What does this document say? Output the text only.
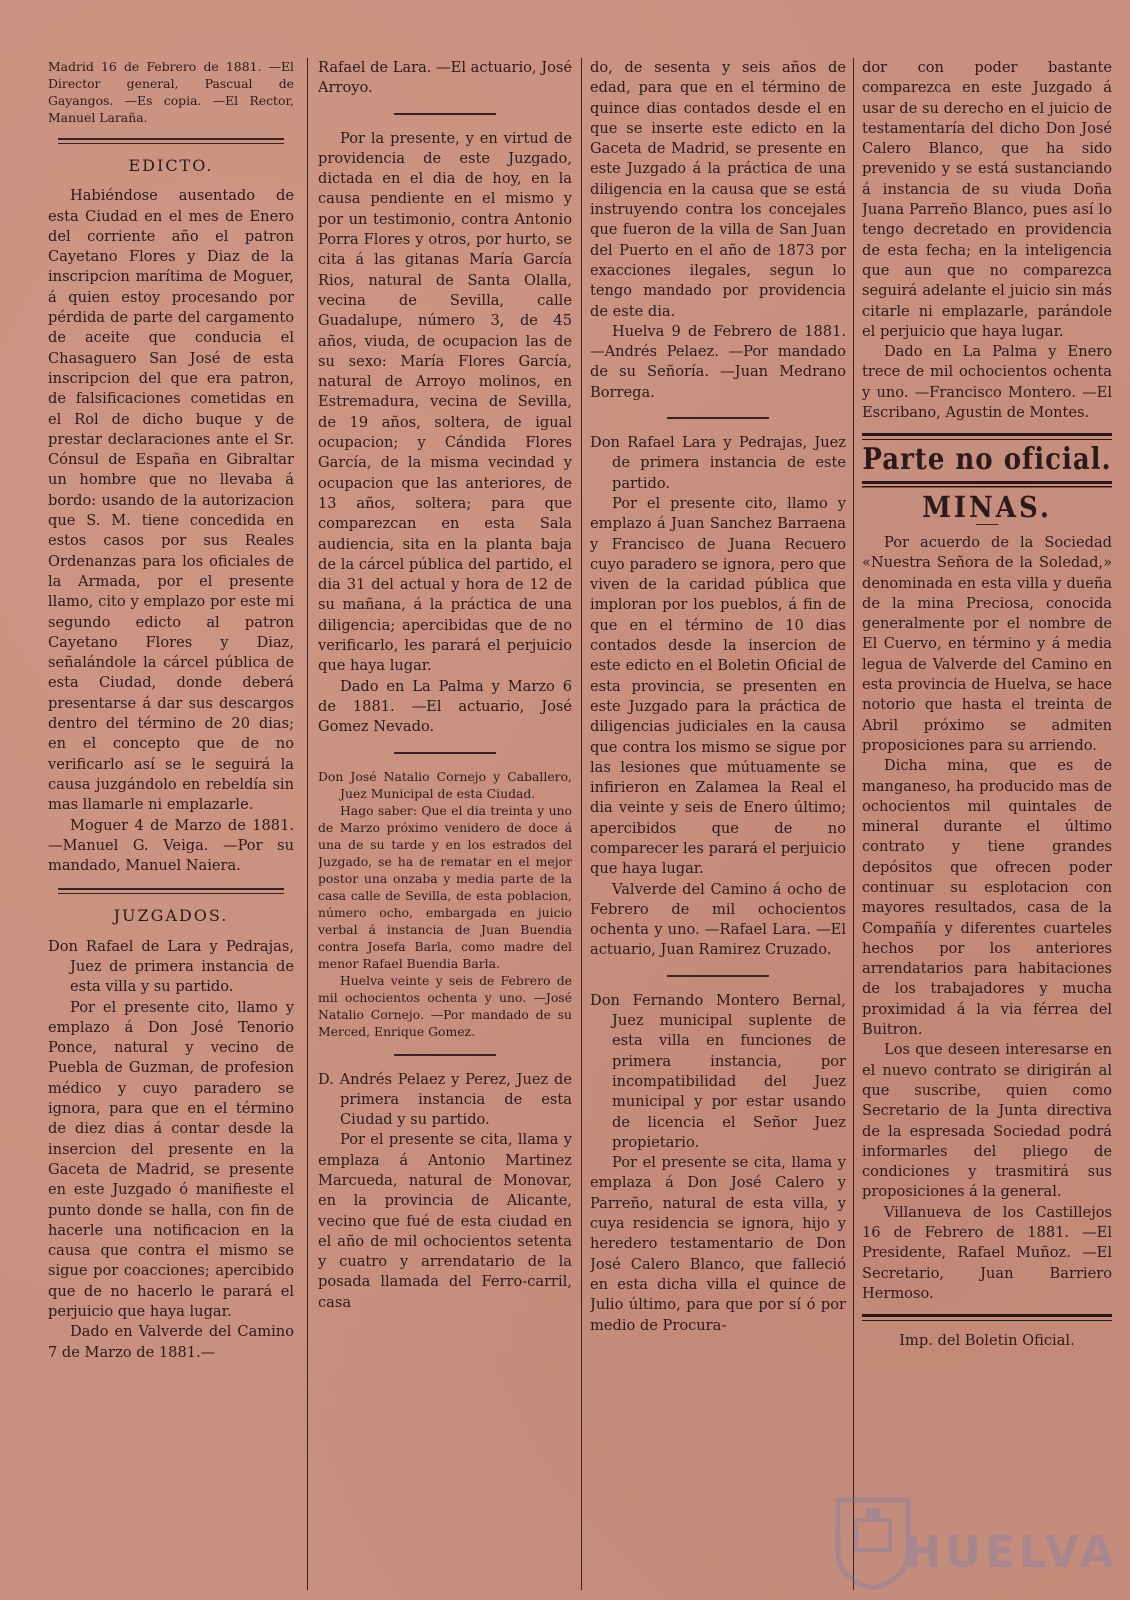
Madrid 16 de Febrero de 1881. —El Director general, Pascual de Gayangos. —Es copia. —El Rector, Manuel Laraña.

EDICTO.

Habiéndose ausentado de esta Ciudad en el mes de Enero del corriente año el patron Cayetano Flores y Diaz de la inscripcion marítima de Moguer, á quien estoy procesando por pérdida de parte del cargamento de aceite que conducia el Chasaguero San José de esta inscripcion del que era patron, de falsificaciones cometidas en el Rol de dicho buque y de prestar declaraciones ante el Sr. Cónsul de España en Gibraltar un hombre que no llevaba á bordo: usando de la autorizacion que S. M. tiene concedida en estos casos por sus Reales Ordenanzas para los oficiales de la Armada, por el presente llamo, cito y emplazo por este mi segundo edicto al patron Cayetano Flores y Diaz, señalándole la cárcel pública de esta Ciudad, donde deberá presentarse á dar sus descargos dentro del término de 20 dias; en el concepto que de no verificarlo así se le seguirá la causa juzgándolo en rebeldía sin mas llamarle ni emplazarle.

Moguer 4 de Marzo de 1881. —Manuel G. Veiga. —Por su mandado, Manuel Naiera.

JUZGADOS.

Don Rafael de Lara y Pedrajas, Juez de primera instancia de esta villa y su partido.

Por el presente cito, llamo y emplazo á Don José Tenorio Ponce, natural y vecino de Puebla de Guzman, de profesion médico y cuyo paradero se ignora, para que en el término de diez dias á contar desde la insercion del presente en la Gaceta de Madrid, se presente en este Juzgado ó manifieste el punto donde se halla, con fin de hacerle una notificacion en la causa que contra el mismo se sigue por coacciones; apercibido que de no hacerlo le parará el perjuicio que haya lugar.

Dado en Valverde del Camino 7 de Marzo de 1881.—

Rafael de Lara. —El actuario, José Arroyo.

Por la presente, y en virtud de providencia de este Juzgado, dictada en el dia de hoy, en la causa pendiente en el mismo y por un testimonio, contra Antonio Porra Flores y otros, por hurto, se cita á las gitanas María García Rios, natural de Santa Olalla, vecina de Sevilla, calle Guadalupe, número 3, de 45 años, viuda, de ocupacion las de su sexo: María Flores García, natural de Arroyo molinos, en Estremadura, vecina de Sevilla, de 19 años, soltera, de igual ocupacion; y Cándida Flores García, de la misma vecindad y ocupacion que las anteriores, de 13 años, soltera; para que comparezcan en esta Sala audiencia, sita en la planta baja de la cárcel pública del partido, el dia 31 del actual y hora de 12 de su mañana, á la práctica de una diligencia; apercibidas que de no verificarlo, les parará el perjuicio que haya lugar.

Dado en La Palma y Marzo 6 de 1881. —El actuario, José Gomez Nevado.

Don José Natalio Cornejo y Caballero, Juez Municipal de esta Ciudad.

Hago saber: Que el dia treinta y uno de Marzo próximo venidero de doce á una de su tarde y en los estrados del Juzgado, se ha de rematar en el mejor postor una onzaba y media parte de la casa calle de Sevilla, de esta poblacion, número ocho, embargada en juicio verbal á instancia de Juan Buendia contra Josefa Barla, como madre del menor Rafael Buendia Barla.

Huelva veinte y seis de Febrero de mil ochocientos ochenta y uno. —José Natalio Cornejo. —Por mandado de su Merced, Enrique Gomez.

D. Andrés Pelaez y Perez, Juez de primera instancia de esta Ciudad y su partido.

Por el presente se cita, llama y emplaza á Antonio Martinez Marcueda, natural de Monovar, en la provincia de Alicante, vecino que fué de esta ciudad en el año de mil ochocientos setenta y cuatro y arrendatario de la posada llamada del Ferro-carril, casa

do, de sesenta y seis años de edad, para que en el término de quince dias contados desde el en que se inserte este edicto en la Gaceta de Madrid, se presente en este Juzgado á la práctica de una diligencia en la causa que se está instruyendo contra los concejales que fueron de la villa de San Juan del Puerto en el año de 1873 por exacciones ilegales, segun lo tengo mandado por providencia de este dia.

Huelva 9 de Febrero de 1881. —Andrés Pelaez. —Por mandado de su Señoría. —Juan Medrano Borrega.

Don Rafael Lara y Pedrajas, Juez de primera instancia de este partido.

Por el presente cito, llamo y emplazo á Juan Sanchez Barraena y Francisco de Juana Recuero cuyo paradero se ignora, pero que viven de la caridad pública que imploran por los pueblos, á fin de que en el término de 10 dias contados desde la insercion de este edicto en el Boletin Oficial de esta provincia, se presenten en este Juzgado para la práctica de diligencias judiciales en la causa que contra los mismo se sigue por las lesiones que mútuamente se infirieron en Zalamea la Real el dia veinte y seis de Enero último; apercibidos que de no comparecer les parará el perjuicio que haya lugar.

Valverde del Camino á ocho de Febrero de mil ochocientos ochenta y uno. —Rafael Lara. —El actuario, Juan Ramirez Cruzado.

Don Fernando Montero Bernal, Juez municipal suplente de esta villa en funciones de primera instancia, por incompatibilidad del Juez municipal y por estar usando de licencia el Señor Juez propietario.

Por el presente se cita, llama y emplaza á Don José Calero y Parreño, natural de esta villa, y cuya residencia se ignora, hijo y heredero testamentario de Don José Calero Blanco, que falleció en esta dicha villa el quince de Julio último, para que por sí ó por medio de Procura-

dor con poder bastante comparezca en este Juzgado á usar de su derecho en el juicio de testamentaría del dicho Don José Calero Blanco, que ha sido prevenido y se está sustanciando á instancia de su viuda Doña Juana Parreño Blanco, pues así lo tengo decretado en providencia de esta fecha; en la inteligencia que aun que no comparezca seguirá adelante el juicio sin más citarle ni emplazarle, parándole el perjuicio que haya lugar.

Dado en La Palma y Enero trece de mil ochocientos ochenta y uno. —Francisco Montero. —El Escribano, Agustin de Montes.

Parte no oficial.
MINAS.

Por acuerdo de la Sociedad «Nuestra Señora de la Soledad,» denominada en esta villa y dueña de la mina Preciosa, conocida generalmente por el nombre de El Cuervo, en término y á media legua de Valverde del Camino en esta provincia de Huelva, se hace notorio que hasta el treinta de Abril próximo se admiten proposiciones para su arriendo.

Dicha mina, que es de manganeso, ha producido mas de ochocientos mil quintales de mineral durante el último contrato y tiene grandes depósitos que ofrecen poder continuar su esplotacion con mayores resultados, casa de la Compañía y diferentes cuarteles hechos por los anteriores arrendatarios para habitaciones de los trabajadores y mucha proximidad á la via férrea del Buitron.

Los que deseen interesarse en el nuevo contrato se dirigirán al que suscribe, quien como Secretario de la Junta directiva de la espresada Sociedad podrá informarles del pliego de condiciones y trasmitirá sus proposiciones á la general.

Villanueva de los Castillejos 16 de Febrero de 1881. —El Presidente, Rafael Muñoz. —El Secretario, Juan Barriero Hermoso.

Imp. del Boletin Oficial.

HUELVA
